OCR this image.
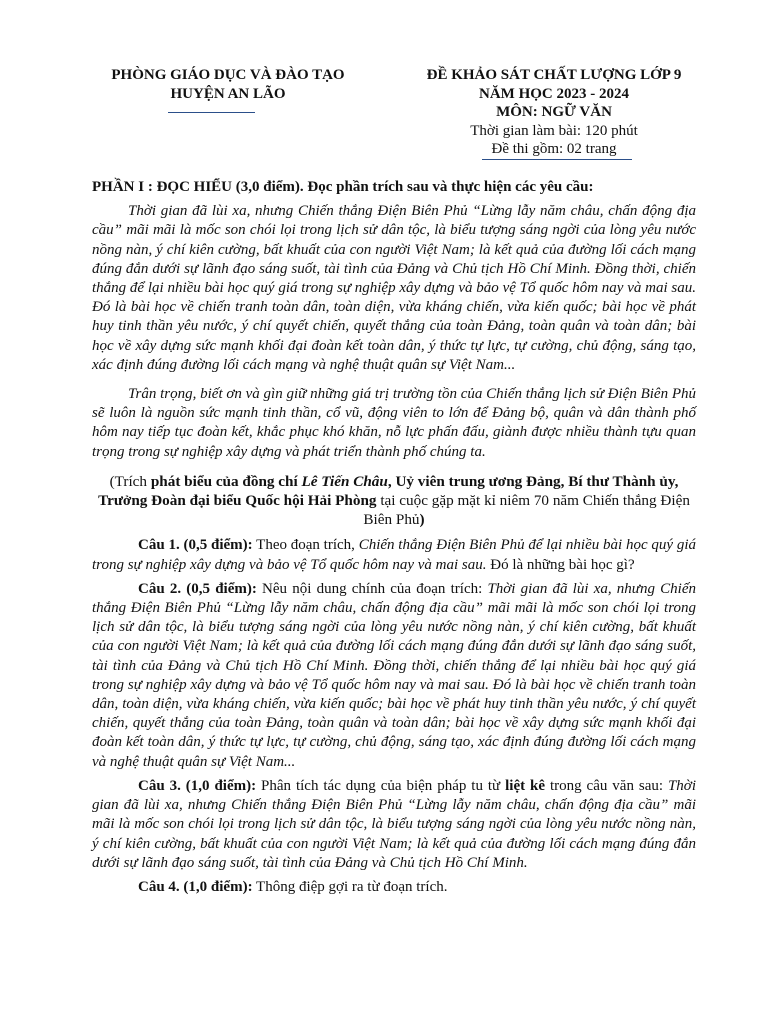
PHÒNG GIÁO DỤC VÀ ĐÀO TẠO
HUYỆN AN LÃO
ĐỀ KHẢO SÁT CHẤT LƯỢNG LỚP 9
NĂM HỌC 2023 - 2024
MÔN: NGỮ VĂN
Thời gian làm bài: 120 phút
Đề thi gồm: 02 trang

PHẦN I : ĐỌC HIỂU (3,0 điểm). Đọc phần trích sau và thực hiện các yêu cầu:

Thời gian đã lùi xa, nhưng Chiến thắng Điện Biên Phủ “Lừng lẫy năm châu, chấn động địa cầu” mãi mãi là mốc son chói lọi trong lịch sử dân tộc, là biểu tượng sáng ngời của lòng yêu nước nồng nàn, ý chí kiên cường, bất khuất của con người Việt Nam; là kết quả của đường lối cách mạng đúng đắn dưới sự lãnh đạo sáng suốt, tài tình của Đảng và Chủ tịch Hồ Chí Minh. Đồng thời, chiến thắng để lại nhiều bài học quý giá trong sự nghiệp xây dựng và bảo vệ Tổ quốc hôm nay và mai sau. Đó là bài học về chiến tranh toàn dân, toàn diện, vừa kháng chiến, vừa kiến quốc; bài học về phát huy tinh thần yêu nước, ý chí quyết chiến, quyết thắng của toàn Đảng, toàn quân và toàn dân; bài học về xây dựng sức mạnh khối đại đoàn kết toàn dân, ý thức tự lực, tự cường, chủ động, sáng tạo, xác định đúng đường lối cách mạng và nghệ thuật quân sự Việt Nam...

Trân trọng, biết ơn và gìn giữ những giá trị trường tồn của Chiến thắng lịch sử Điện Biên Phủ sẽ luôn là nguồn sức mạnh tinh thần, cổ vũ, động viên to lớn để Đảng bộ, quân và dân thành phố hôm nay tiếp tục đoàn kết, khắc phục khó khăn, nỗ lực phấn đấu, giành được nhiều thành tựu quan trọng trong sự nghiệp xây dựng và phát triển thành phố chúng ta.

(Trích phát biểu của đồng chí Lê Tiến Châu, Uỷ viên trung ương Đảng, Bí thư Thành ủy, Trưởng Đoàn đại biểu Quốc hội Hải Phòng tại cuộc gặp mặt kỉ niêm 70 năm Chiến thắng Điện Biên Phủ)

Câu 1. (0,5 điểm): Theo đoạn trích, Chiến thắng Điện Biên Phủ để lại nhiều bài học quý giá trong sự nghiệp xây dựng và bảo vệ Tổ quốc hôm nay và mai sau. Đó là những bài học gì?

Câu 2. (0,5 điểm): Nêu nội dung chính của đoạn trích: Thời gian đã lùi xa, nhưng Chiến thắng Điện Biên Phủ “Lừng lẫy năm châu, chấn động địa cầu” mãi mãi là mốc son chói lọi trong lịch sử dân tộc, là biểu tượng sáng ngời của lòng yêu nước nồng nàn, ý chí kiên cường, bất khuất của con người Việt Nam; là kết quả của đường lối cách mạng đúng đắn dưới sự lãnh đạo sáng suốt, tài tình của Đảng và Chủ tịch Hồ Chí Minh. Đồng thời, chiến thắng để lại nhiều bài học quý giá trong sự nghiệp xây dựng và bảo vệ Tổ quốc hôm nay và mai sau. Đó là bài học về chiến tranh toàn dân, toàn diện, vừa kháng chiến, vừa kiến quốc; bài học về phát huy tinh thần yêu nước, ý chí quyết chiến, quyết thắng của toàn Đảng, toàn quân và toàn dân; bài học về xây dựng sức mạnh khối đại đoàn kết toàn dân, ý thức tự lực, tự cường, chủ động, sáng tạo, xác định đúng đường lối cách mạng và nghệ thuật quân sự Việt Nam...

Câu 3. (1,0 điểm): Phân tích tác dụng của biện pháp tu từ liệt kê trong câu văn sau: Thời gian đã lùi xa, nhưng Chiến thắng Điện Biên Phủ “Lừng lẫy năm châu, chấn động địa cầu” mãi mãi là mốc son chói lọi trong lịch sử dân tộc, là biểu tượng sáng ngời của lòng yêu nước nồng nàn, ý chí kiên cường, bất khuất của con người Việt Nam; là kết quả của đường lối cách mạng đúng đắn dưới sự lãnh đạo sáng suốt, tài tình của Đảng và Chủ tịch Hồ Chí Minh.

Câu 4. (1,0 điểm): Thông điệp gợi ra từ đoạn trích.
